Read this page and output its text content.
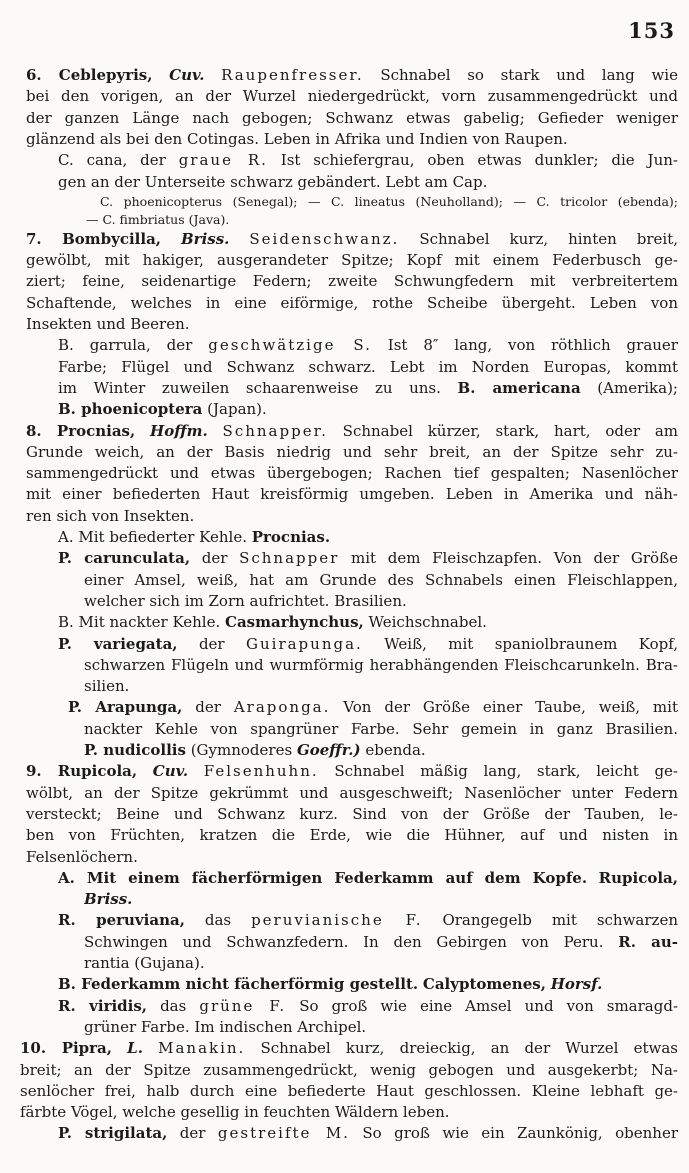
153
6. Ceblepyris, Cuv. Raupenfresser. Schnabel so stark und lang wie
bei den vorigen, an der Wurzel niedergedrückt, vorn zusammengedrückt und
der ganzen Länge nach gebogen; Schwanz etwas gabelig; Gefieder weniger
glänzend als bei den Cotingas. Leben in Afrika und Indien von Raupen.
C. cana, der graue R. Ist schiefergrau, oben etwas dunkler; die Jun-
gen an der Unterseite schwarz gebändert. Lebt am Cap.
C. phoenicopterus (Senegal); — C. lineatus (Neuholland); — C. tricolor (ebenda);
— C. fimbriatus (Java).
7. Bombycilla, Briss. Seidenschwanz. Schnabel kurz, hinten breit,
gewölbt, mit hakiger, ausgerandeter Spitze; Kopf mit einem Federbusch ge-
ziert; feine, seidenartige Federn; zweite Schwungfedern mit verbreitertem
Schaftende, welches in eine eiförmige, rothe Scheibe übergeht. Leben von
Insekten und Beeren.
B. garrula, der geschwätzige S. Ist 8″ lang, von röthlich grauer
Farbe; Flügel und Schwanz schwarz. Lebt im Norden Europas, kommt
im Winter zuweilen schaarenweise zu uns. B. americana (Amerika);
B. phoenicoptera (Japan).
8. Procnias, Hoffm. Schnapper. Schnabel kürzer, stark, hart, oder am
Grunde weich, an der Basis niedrig und sehr breit, an der Spitze sehr zu-
sammengedrückt und etwas übergebogen; Rachen tief gespalten; Nasenlöcher
mit einer befiederten Haut kreisförmig umgeben. Leben in Amerika und näh-
ren sich von Insekten.
A. Mit befiederter Kehle. Procnias.
P. carunculata, der Schnapper mit dem Fleischzapfen. Von der Größe
einer Amsel, weiß, hat am Grunde des Schnabels einen Fleischlappen,
welcher sich im Zorn aufrichtet. Brasilien.
B. Mit nackter Kehle. Casmarhynchus, Weichschnabel.
P. variegata, der Guirapunga. Weiß, mit spaniolbraunem Kopf,
schwarzen Flügeln und wurmförmig herabhängenden Fleischcarunkeln. Bra-
silien.
P. Arapunga, der Araponga. Von der Größe einer Taube, weiß, mit
nackter Kehle von spangrüner Farbe. Sehr gemein in ganz Brasilien.
P. nudicollis (Gymnoderes Goeffr.) ebenda.
9. Rupicola, Cuv. Felsenhuhn. Schnabel mäßig lang, stark, leicht ge-
wölbt, an der Spitze gekrümmt und ausgeschweift; Nasenlöcher unter Federn
versteckt; Beine und Schwanz kurz. Sind von der Größe der Tauben, le-
ben von Früchten, kratzen die Erde, wie die Hühner, auf und nisten in
Felsenlöchern.
A. Mit einem fächerförmigen Federkamm auf dem Kopfe. Rupicola,
Briss.
R. peruviana, das peruvianische F. Orangegelb mit schwarzen
Schwingen und Schwanzfedern. In den Gebirgen von Peru. R. au-
rantia (Gujana).
B. Federkamm nicht fächerförmig gestellt. Calyptomenes, Horsf.
R. viridis, das grüne F. So groß wie eine Amsel und von smaragd-
grüner Farbe. Im indischen Archipel.
10. Pipra, L. Manakin. Schnabel kurz, dreieckig, an der Wurzel etwas
breit; an der Spitze zusammengedrückt, wenig gebogen und ausgekerbt; Na-
senlöcher frei, halb durch eine befiederte Haut geschlossen. Kleine lebhaft ge-
färbte Vögel, welche gesellig in feuchten Wäldern leben.
P. strigilata, der gestreifte M. So groß wie ein Zaunkönig, obenher
